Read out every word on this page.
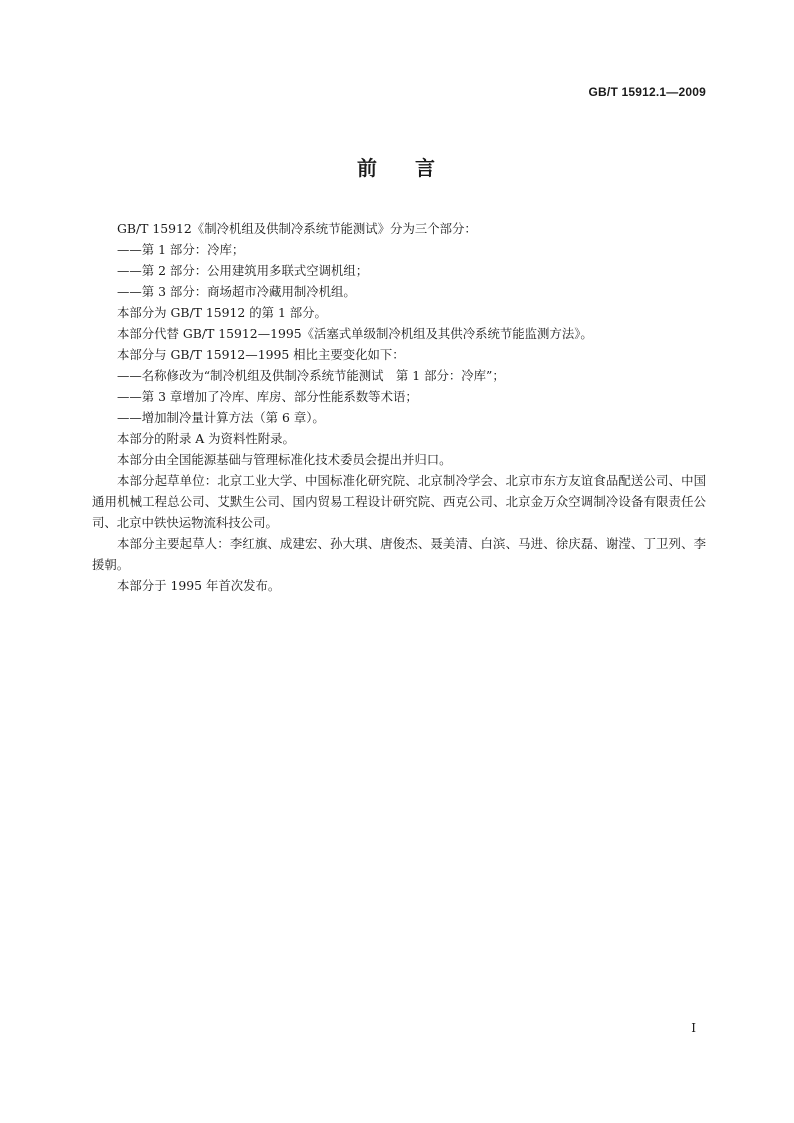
GB/T 15912.1—2009
前 言

GB/T 15912《制冷机组及供制冷系统节能测试》分为三个部分：

——第 1 部分：冷库；

——第 2 部分：公用建筑用多联式空调机组；

——第 3 部分：商场超市冷藏用制冷机组。

本部分为 GB/T 15912 的第 1 部分。

本部分代替 GB/T 15912—1995《活塞式单级制冷机组及其供冷系统节能监测方法》。

本部分与 GB/T 15912—1995 相比主要变化如下：

——名称修改为“制冷机组及供制冷系统节能测试　第 1 部分：冷库”；

——第 3 章增加了冷库、库房、部分性能系数等术语；

——增加制冷量计算方法（第 6 章）。

本部分的附录 A 为资料性附录。

本部分由全国能源基础与管理标准化技术委员会提出并归口。

本部分起草单位：北京工业大学、中国标准化研究院、北京制冷学会、北京市东方友谊食品配送公司、中国通用机械工程总公司、艾默生公司、国内贸易工程设计研究院、西克公司、北京金万众空调制冷设备有限责任公司、北京中铁快运物流科技公司。

本部分主要起草人：李红旗、成建宏、孙大琪、唐俊杰、聂美清、白滨、马进、徐庆磊、谢滢、丁卫列、李援朝。

本部分于 1995 年首次发布。

I
